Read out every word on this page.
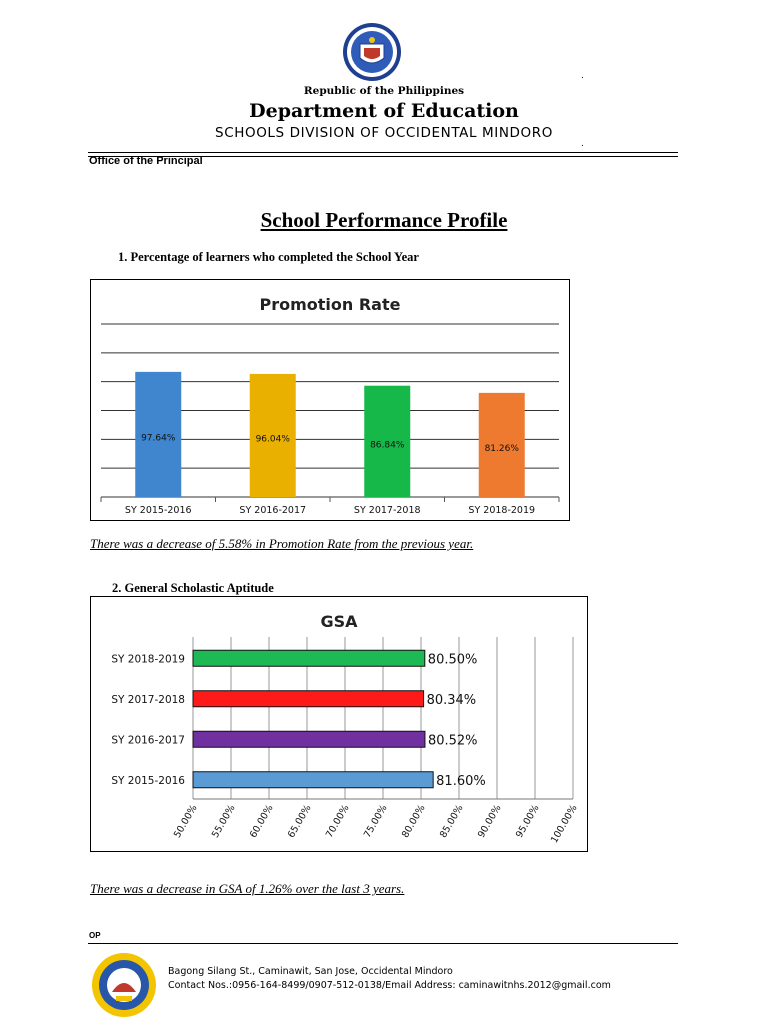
Republic of the Philippines
Department of Education
SCHOOLS DIVISION OF OCCIDENTAL MINDORO
.
.
Office of the Principal
School Performance Profile
1. Percentage of learners who completed the School Year
Promotion Rate
97.64%
SY 2015-2016
96.04%
SY 2016-2017
86.84%
SY 2017-2018
81.26%
SY 2018-2019
There was a decrease of 5.58% in Promotion Rate from the previous year.
2. General Scholastic Aptitude
GSA
50.00% 55.00% 60.00% 65.00% 70.00% 75.00% 80.00% 85.00% 90.00% 95.00% 100.00%
SY 2018-2019	80.50%
SY 2017-2018	80.34%
SY 2016-2017	80.52%
SY 2015-2016	81.60%
There was a decrease in GSA of 1.26% over the last 3 years.
OP
Bagong Silang St., Caminawit, San Jose, Occidental Mindoro
Contact Nos.:0956-164-8499/0907-512-0138/Email Address: caminawitnhs.2012@gmail.com
